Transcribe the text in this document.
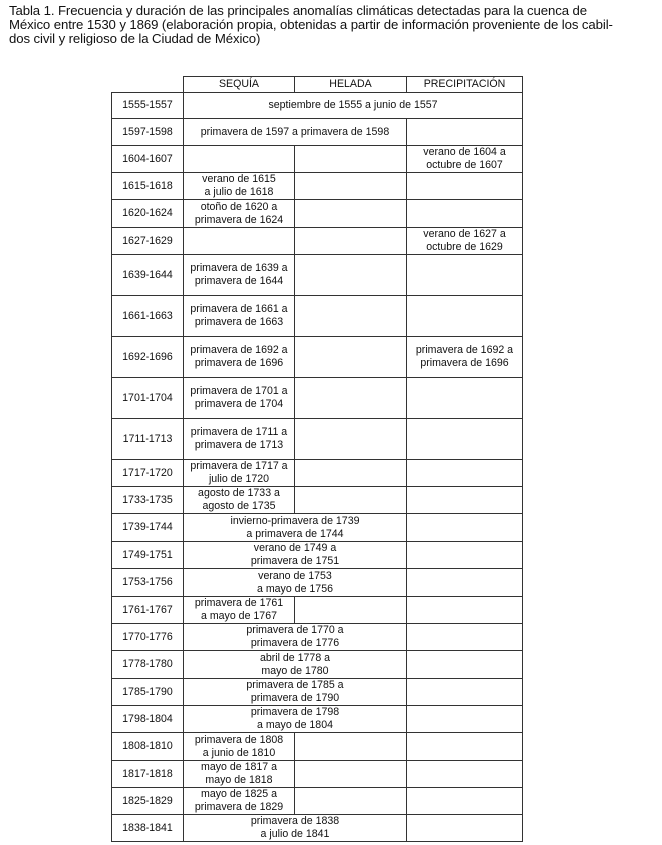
Tabla 1. Frecuencia y duración de las principales anomalías climáticas detectadas para la cuenca de
México entre 1530 y 1869 (elaboración propia, obtenidas a partir de información proveniente de los cabil-
dos civil y religioso de la Ciudad de México)
	SEQUÍA	HELADA	PRECIPITACIÓN
1555-1557	septiembre de 1555 a junio de 1557		
1597-1598	primavera de 1597 a primavera de 1598		
1604-1607			verano de 1604 a
octubre de 1607
1615-1618	verano de 1615
a julio de 1618		
1620-1624	otoño de 1620 a
primavera de 1624		
1627-1629			verano de 1627 a
octubre de 1629
1639-1644	primavera de 1639 a
primavera de 1644		
1661-1663	primavera de 1661 a
primavera de 1663		
1692-1696	primavera de 1692 a
primavera de 1696		primavera de 1692 a
primavera de 1696
1701-1704	primavera de 1701 a
primavera de 1704		
1711-1713	primavera de 1711 a
primavera de 1713		
1717-1720	primavera de 1717 a
julio de 1720		
1733-1735	agosto de 1733 a
agosto de 1735		
1739-1744	invierno-primavera de 1739
a primavera de 1744		
1749-1751	verano de 1749 a
primavera de 1751		
1753-1756	verano de 1753
a mayo de 1756		
1761-1767	primavera de 1761
a mayo de 1767		
1770-1776	primavera de 1770 a
primavera de 1776		
1778-1780	abril de 1778 a
mayo de 1780		
1785-1790	primavera de 1785 a
primavera de 1790		
1798-1804	primavera de 1798
a mayo de 1804		
1808-1810	primavera de 1808
a junio de 1810		
1817-1818	mayo de 1817 a
mayo de 1818		
1825-1829	mayo de 1825 a
primavera de 1829		
1838-1841	primavera de 1838
a julio de 1841		
